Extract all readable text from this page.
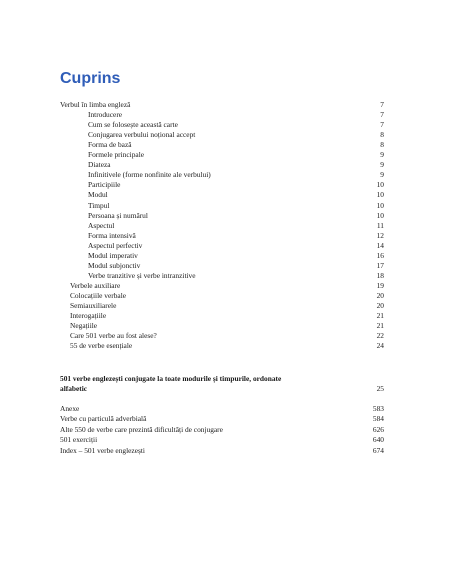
Cuprins
Verbul în limba engleză	7
Introducere	7
Cum se folosește această carte	7
Conjugarea verbului noțional accept	8
Forma de bază	8
Formele principale	9
Diateza	9
Infinitivele (forme nonfinite ale verbului)	9
Participiile	10
Modul	10
Timpul	10
Persoana și numărul	10
Aspectul	11
Forma intensivă	12
Aspectul perfectiv	14
Modul imperativ	16
Modul subjonctiv	17
Verbe tranzitive și verbe intranzitive	18
Verbele auxiliare	19
Colocațiile verbale	20
Semiauxiliarele	20
Interogațiile	21
Negațiile	21
Care 501 verbe au fost alese?	22
55 de verbe esențiale	24
501 verbe englezești conjugate la toate modurile și timpurile, ordonate alfabetic	25
Anexe	583
Verbe cu particulă adverbială	584
Alte 550 de verbe care prezintă dificultăți de conjugare	626
501 exerciții	640
Index – 501 verbe englezești	674
